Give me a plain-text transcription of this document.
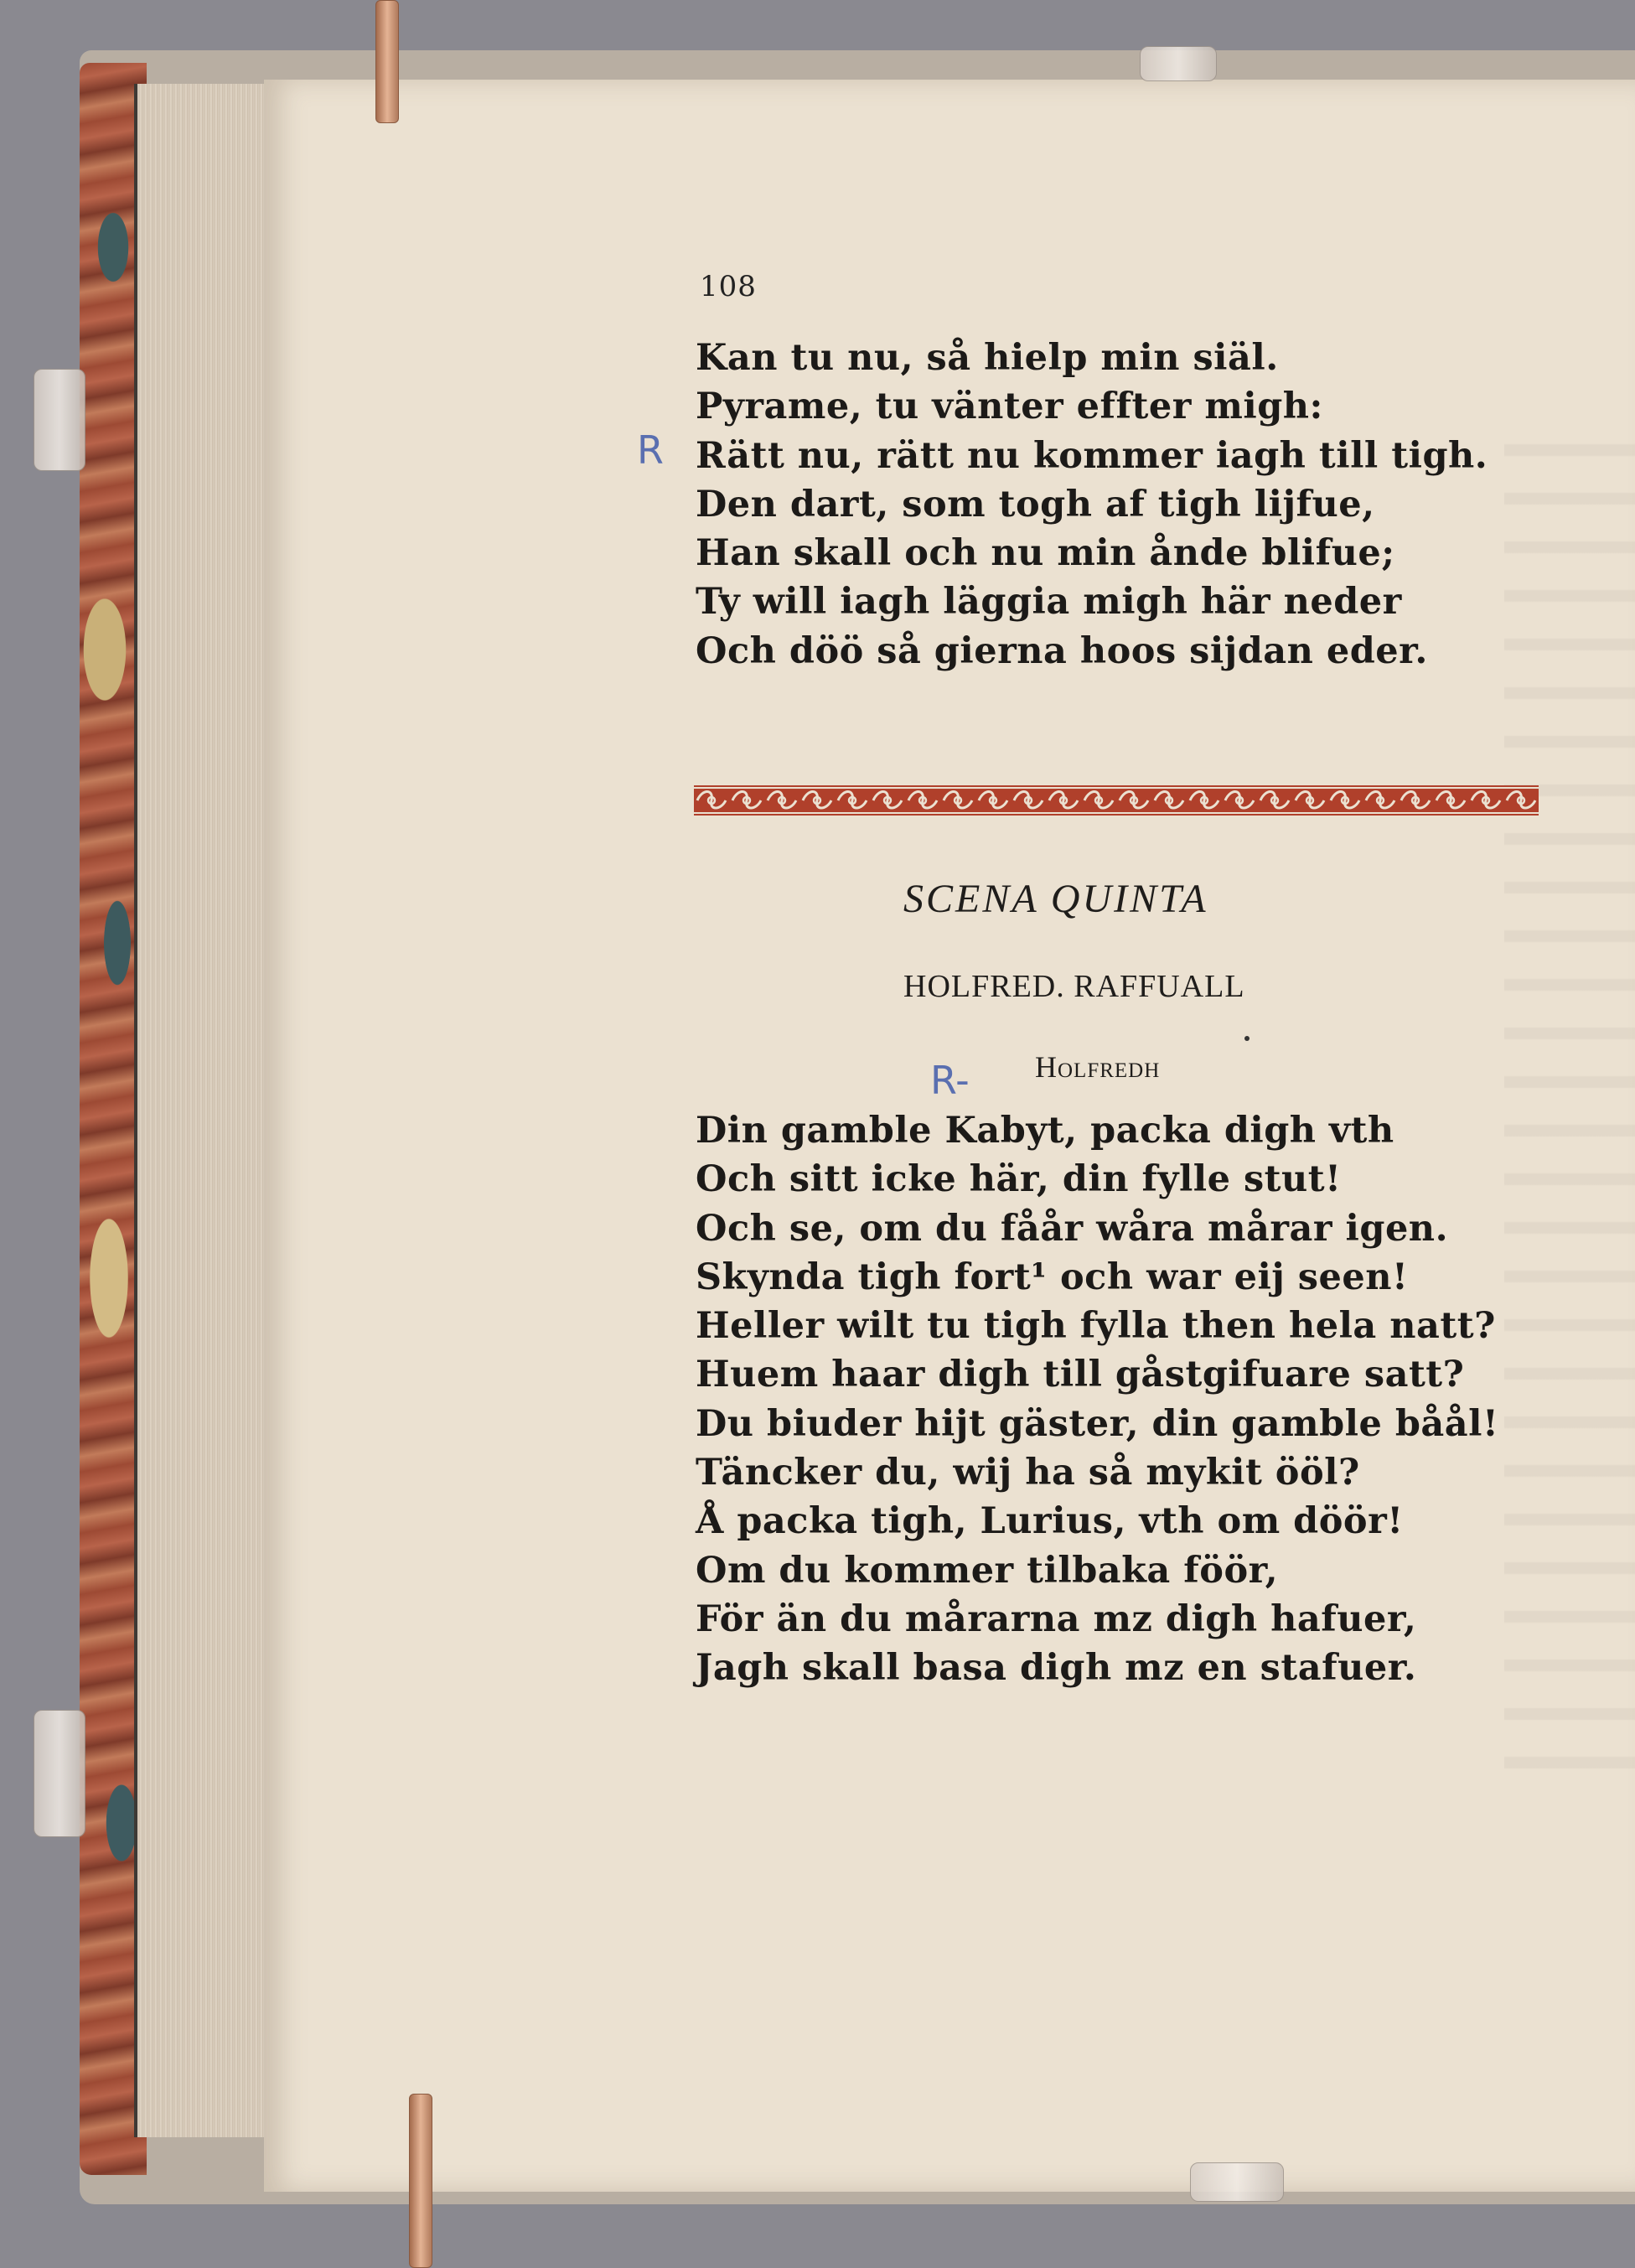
108
R
Kan tu nu, så hielp min siäl.
Pyrame, tu vänter effter migh:
Rätt nu, rätt nu kommer iagh till tigh.
Den dart, som togh af tigh lijfue,
Han skall och nu min ånde blifue;
Ty will iagh läggia migh här neder
Och döö så gierna hoos sijdan eder.
SCENA QUINTA
HOLFRED. RAFFUALL
R- Holfredh
Din gamble Kabyt, packa digh vth
Och sitt icke här, din fylle stut!
Och se, om du fåår wåra mårar igen.
Skynda tigh fort¹ och war eij seen!
Heller wilt tu tigh fylla then hela natt?
Huem haar digh till gåstgifuare satt?
Du biuder hijt gäster, din gamble båål!
Täncker du, wij ha så mykit ööl?
Å packa tigh, Lurius, vth om döör!
Om du kommer tilbaka föör,
För än du mårarna mz digh hafuer,
Jagh skall basa digh mz en stafuer.
